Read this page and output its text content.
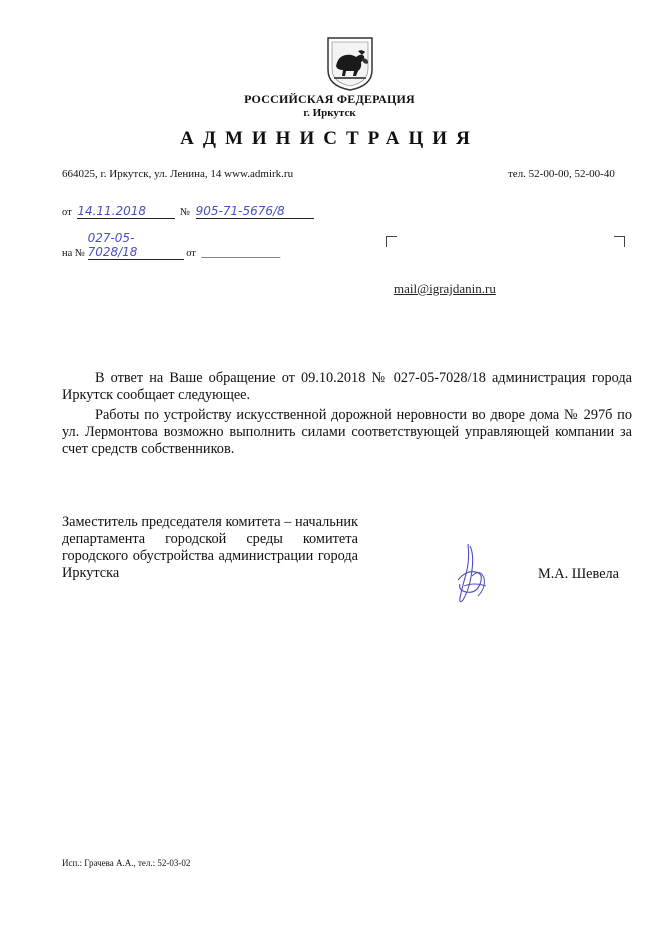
РОССИЙСКАЯ ФЕДЕРАЦИЯ
г. Иркутск
АДМИНИСТРАЦИЯ
664025, г. Иркутск, ул. Ленина, 14 www.admirk.ru	тел. 52-00-00, 52-00-40
от 14.11.2018	№ 905-71-5676/8
на № 027-05-7028/18	от _______________
mail@igrajdanin.ru
В ответ на Ваше обращение от 09.10.2018 № 027-05-7028/18 администрация города Иркутск сообщает следующее.
Работы по устройству искусственной дорожной неровности во дворе дома № 297б по ул. Лермонтова возможно выполнить силами соответствующей управляющей компании за счет средств собственников.
Заместитель председателя комитета – начальник департамента городской среды комитета городского обустройства администрации города Иркутска	М.А. Шевела
Исп.: Грачева А.А., тел.: 52-03-02
